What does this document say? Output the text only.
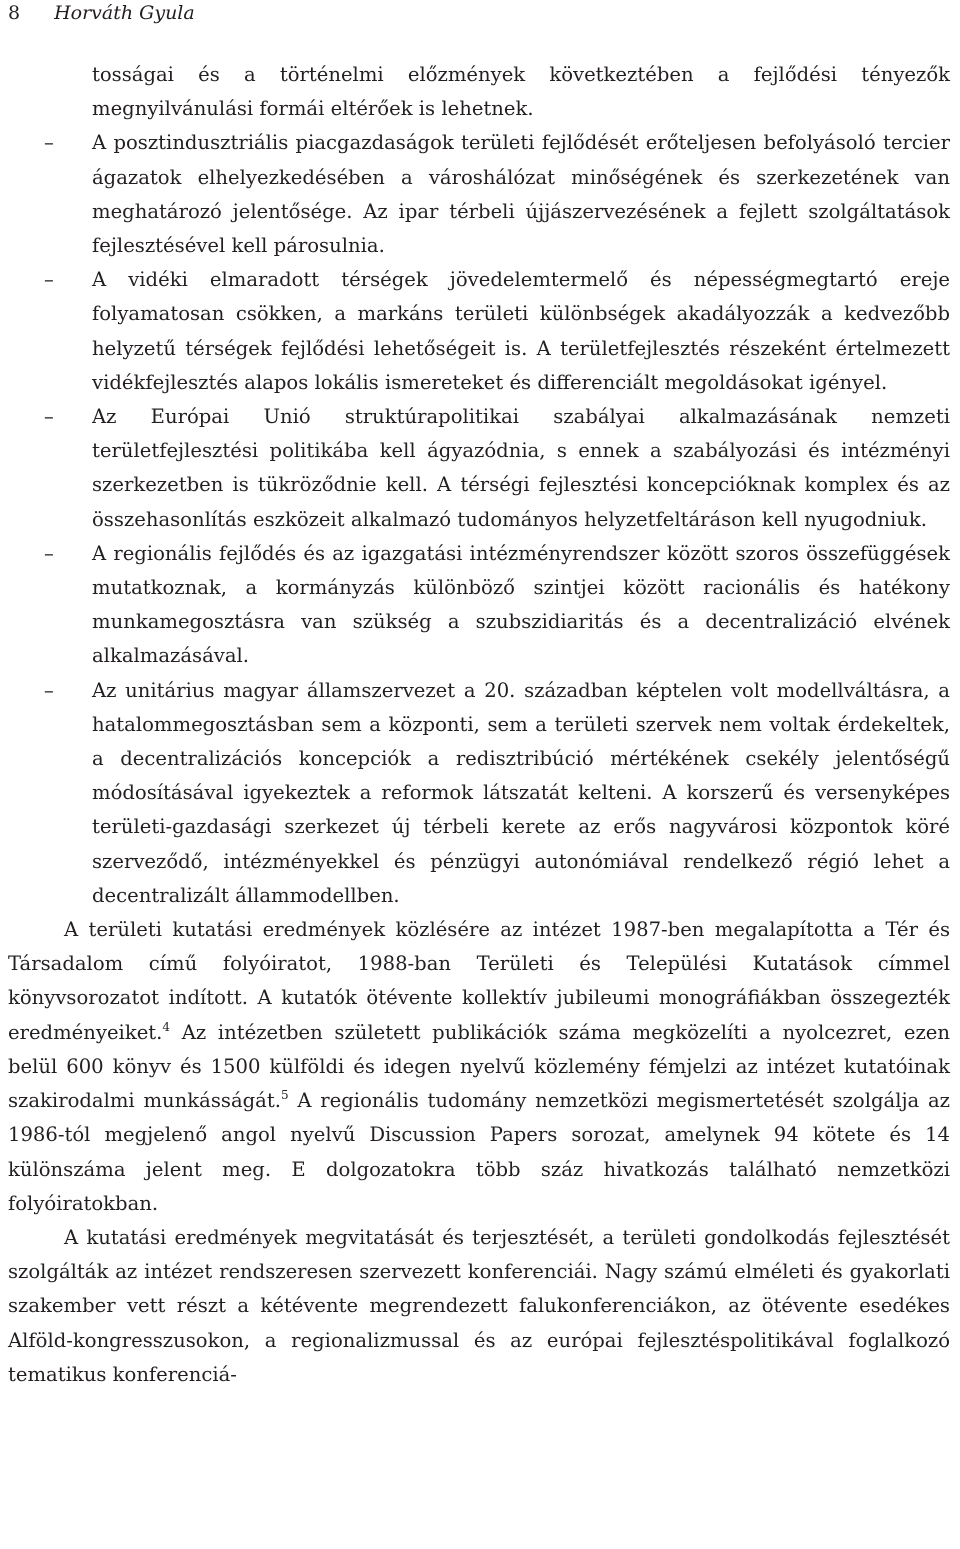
8 Horváth Gyula

tosságai és a történelmi előzmények következtében a fejlődési tényezők megnyilvánulási formái eltérőek is lehetnek.

– A posztindusztriális piacgazdaságok területi fejlődését erőteljesen befolyásoló tercier ágazatok elhelyezkedésében a városhálózat minőségének és szerkezetének van meghatározó jelentősége. Az ipar térbeli újjászervezésének a fejlett szolgáltatások fejlesztésével kell párosulnia.
– A vidéki elmaradott térségek jövedelemtermelő és népességmegtartó ereje folyamatosan csökken, a markáns területi különbségek akadályozzák a kedvezőbb helyzetű térségek fejlődési lehetőségeit is. A területfejlesztés részeként értelmezett vidékfejlesztés alapos lokális ismereteket és differenciált megoldásokat igényel.
– Az Európai Unió struktúrapolitikai szabályai alkalmazásának nemzeti területfejlesztési politikába kell ágyazódnia, s ennek a szabályozási és intézményi szerkezetben is tükröződnie kell. A térségi fejlesztési koncepcióknak komplex és az összehasonlítás eszközeit alkalmazó tudományos helyzetfeltáráson kell nyugodniuk.
– A regionális fejlődés és az igazgatási intézményrendszer között szoros összefüggések mutatkoznak, a kormányzás különböző szintjei között racionális és hatékony munkamegosztásra van szükség a szubszidiaritás és a decentralizáció elvének alkalmazásával.
– Az unitárius magyar államszervezet a 20. században képtelen volt modellváltásra, a hatalommegosztásban sem a központi, sem a területi szervek nem voltak érdekeltek, a decentralizációs koncepciók a redisztribúció mértékének csekély jelentőségű módosításával igyekeztek a reformok látszatát kelteni. A korszerű és versenyképes területi-gazdasági szerkezet új térbeli kerete az erős nagyvárosi központok köré szerveződő, intézményekkel és pénzügyi autonómiával rendelkező régió lehet a decentralizált állammodellben.

A területi kutatási eredmények közlésére az intézet 1987-ben megalapította a Tér és Társadalom című folyóiratot, 1988-ban Területi és Települési Kutatások címmel könyvsorozatot indított. A kutatók ötévente kollektív jubileumi monográfiákban összegezték eredményeiket.$^4$ Az intézetben született publikációk száma megközelíti a nyolcezret, ezen belül 600 könyv és 1500 külföldi és idegen nyelvű közlemény fémjelzi az intézet kutatóinak szakirodalmi munkásságát.$^5$ A regionális tudomány nemzetközi megismertetését szolgálja az 1986-tól megjelenő angol nyelvű Discussion Papers sorozat, amelynek 94 kötete és 14 különszáma jelent meg. E dolgozatokra több száz hivatkozás található nemzetközi folyóiratokban.

A kutatási eredmények megvitatását és terjesztését, a területi gondolkodás fejlesztését szolgálták az intézet rendszeresen szervezett konferenciái. Nagy számú elméleti és gyakorlati szakember vett részt a kétévente megrendezett falukonferenciákon, az ötévente esedékes Alföld-kongresszusokon, a regionalizmussal és az európai fejlesztéspolitikával foglalkozó tematikus konferenciá-
